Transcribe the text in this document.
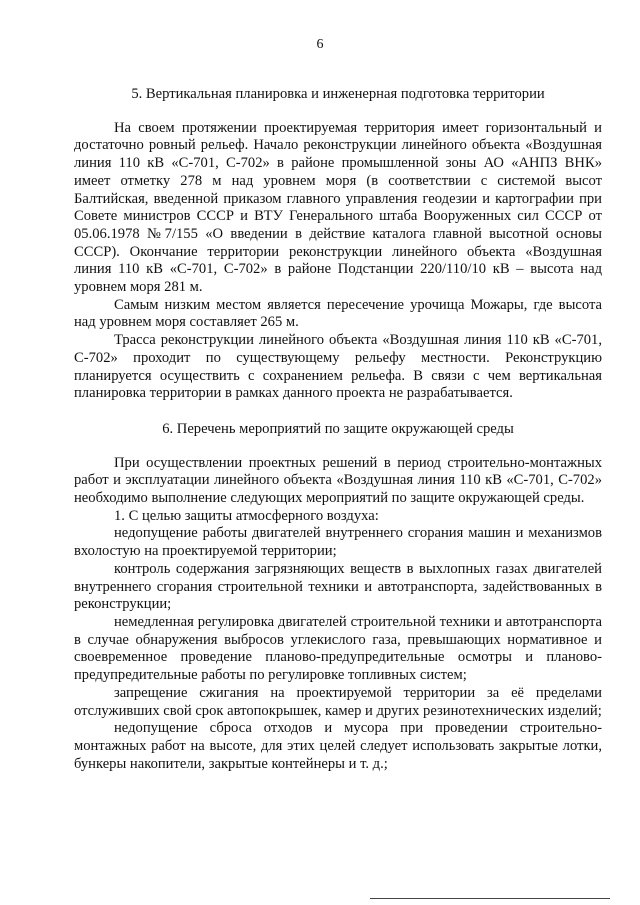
6
5. Вертикальная планировка и инженерная подготовка территории

На своем протяжении проектируемая территория имеет горизонтальный и достаточно ровный рельеф. Начало реконструкции линейного объекта «Воздушная линия 110 кВ «С-701, С-702» в районе промышленной зоны АО «АНПЗ ВНК» имеет отметку 278 м над уровнем моря (в соответствии с системой высот Балтийская, введенной приказом главного управления геодезии и картографии при Совете министров СССР и ВТУ Генерального штаба Вооруженных сил СССР от 05.06.1978 №7/155 «О введении в действие каталога главной высотной основы СССР). Окончание территории реконструкции линейного объекта «Воздушная линия 110 кВ «С-701, С-702» в районе Подстанции 220/110/10 кВ – высота над уровнем моря 281 м.

Самым низким местом является пересечение урочища Можары, где высота над уровнем моря составляет 265 м.

Трасса реконструкции линейного объекта «Воздушная линия 110 кВ «С-701, С-702» проходит по существующему рельефу местности. Реконструкцию планируется осуществить с сохранением рельефа. В связи с чем вертикальная планировка территории в рамках данного проекта не разрабатывается.

6. Перечень мероприятий по защите окружающей среды

При осуществлении проектных решений в период строительно-монтажных работ и эксплуатации линейного объекта «Воздушная линия 110 кВ «С-701, С-702» необходимо выполнение следующих мероприятий по защите окружающей среды.

1. С целью защиты атмосферного воздуха:

недопущение работы двигателей внутреннего сгорания машин и механизмов вхолостую на проектируемой территории;

контроль содержания загрязняющих веществ в выхлопных газах двигателей внутреннего сгорания строительной техники и автотранспорта, задействованных в реконструкции;

немедленная регулировка двигателей строительной техники и автотранспорта в случае обнаружения выбросов углекислого газа, превышающих нормативное и своевременное проведение планово-предупредительные осмотры и планово-предупредительные работы по регулировке топливных систем;

запрещение сжигания на проектируемой территории за её пределами отслуживших свой срок автопокрышек, камер и других резинотехнических изделий;

недопущение сброса отходов и мусора при проведении строительно-монтажных работ на высоте, для этих целей следует использовать закрытые лотки, бункеры накопители, закрытые контейнеры и т. д.;
